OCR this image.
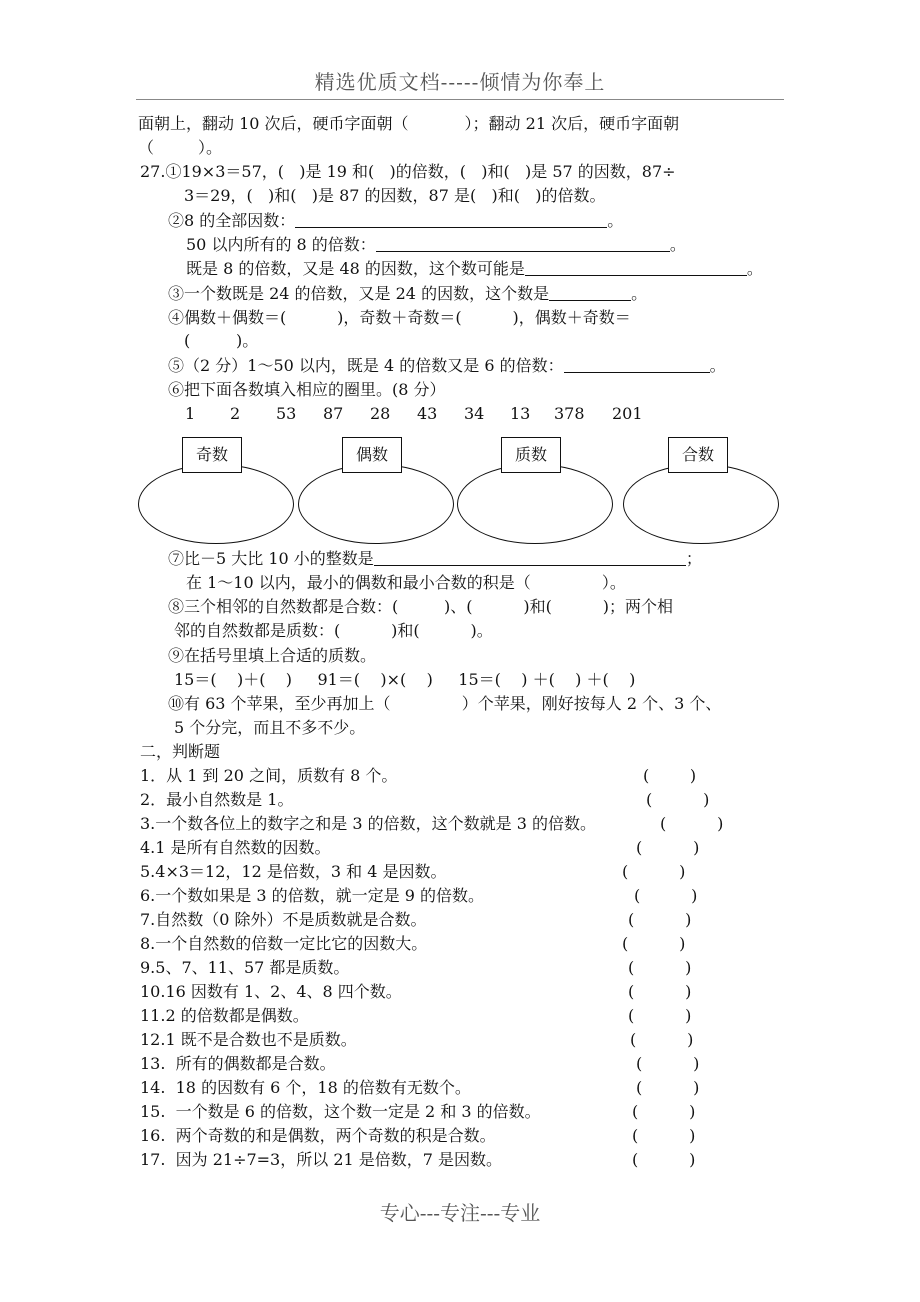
精选优质文档-----倾情为你奉上
面朝上，翻动 10 次后，硬币字面朝（	）；翻动 21 次后，硬币字面朝
（	）。
27.①19×3＝57，(   )是 19 和(   )的倍数，(   )和(   )是 57 的因数，87÷
3＝29，(   )和(   )是 87 的因数，87 是(   )和(   )的倍数。
②8 的全部因数：	。
50 以内所有的 8 的倍数：	。
既是 8 的倍数，又是 48 的因数，这个数可能是	。
③一个数既是 24 的倍数，又是 24 的因数，这个数是	。
④偶数＋偶数＝(          )，奇数＋奇数＝(          )，偶数＋奇数＝
(         )。
⑤（2 分）1～50 以内，既是 4 的倍数又是 6 的倍数：	。
⑥把下面各数填入相应的圈里。(8 分）
1 2 53 87 28 43 34 13 378 201
奇数	偶数	质数	合数
⑦比－5 大比 10 小的整数是	；
在 1～10 以内，最小的偶数和最小合数的积是（              ）。
⑧三个相邻的自然数都是合数：(         )、(          )和(          )；两个相
邻的自然数都是质数：(          )和(          )。
⑨在括号里填上合适的质数。
15＝(    )＋(    )     91＝(    )×(    )     15＝(    ) ＋(    ) ＋(    )
⑩有 63 个苹果，至少再加上（              ）个苹果，刚好按每人 2 个、3 个、
5 个分完，而且不多不少。
二，判断题
1．从 1 到 20 之间，质数有 8 个。	(        )
2．最小自然数是 1。	(          )
3.一个数各位上的数字之和是 3 的倍数，这个数就是 3 的倍数。	(          )
4.1 是所有自然数的因数。	(          )
5.4×3＝12，12 是倍数，3 和 4 是因数。	(          )
6.一个数如果是 3 的倍数，就一定是 9 的倍数。	(          )
7.自然数（0 除外）不是质数就是合数。	(          )
8.一个自然数的倍数一定比它的因数大。	(          )
9.5、7、11、57 都是质数。	(          )
10.16 因数有 1、2、4、8 四个数。	(          )
11.2 的倍数都是偶数。	(          )
12.1 既不是合数也不是质数。	(          )
13.  所有的偶数都是合数。	(          )
14.  18 的因数有 6 个，18 的倍数有无数个。	(          )
15.  一个数是 6 的倍数，这个数一定是 2 和 3 的倍数。	(          )
16.  两个奇数的和是偶数，两个奇数的积是合数。	(          )
17.  因为 21÷7=3，所以 21 是倍数，7 是因数。	(          )
专心---专注---专业
